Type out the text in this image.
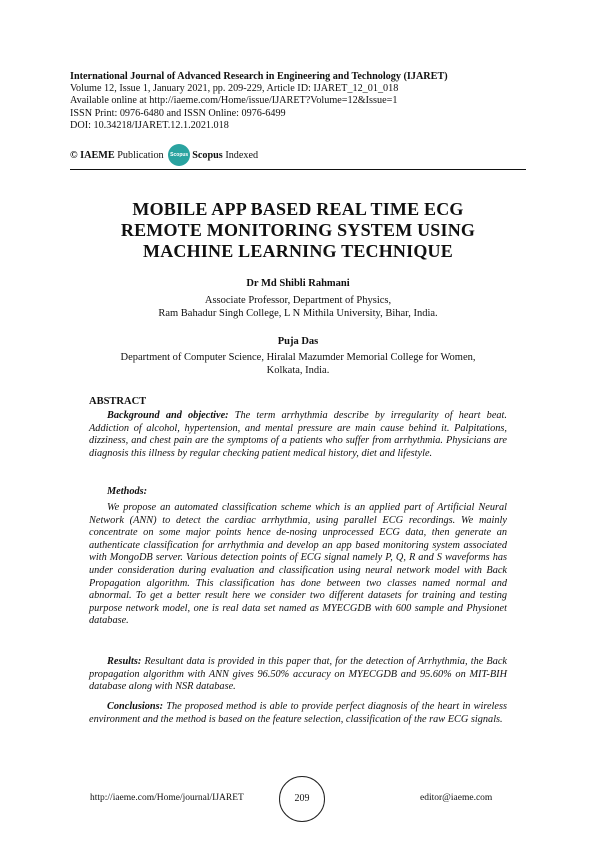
International Journal of Advanced Research in Engineering and Technology (IJARET)
Volume 12, Issue 1, January 2021, pp. 209-229, Article ID: IJARET_12_01_018
Available online at http://iaeme.com/Home/issue/IJARET?Volume=12&Issue=1
ISSN Print: 0976-6480 and ISSN Online: 0976-6499
DOI: 10.34218/IJARET.12.1.2021.018
© IAEME Publication Scopus Scopus Indexed
MOBILE APP BASED REAL TIME ECG
REMOTE MONITORING SYSTEM USING
MACHINE LEARNING TECHNIQUE
Dr Md Shibli Rahmani
Associate Professor, Department of Physics,
Ram Bahadur Singh College, L N Mithila University, Bihar, India.
Puja Das
Department of Computer Science, Hiralal Mazumder Memorial College for Women,
Kolkata, India.
ABSTRACT
Background and objective: The term arrhythmia describe by irregularity of heart beat. Addiction of alcohol, hypertension, and mental pressure are main cause behind it. Palpitations, dizziness, and chest pain are the symptoms of a patients who suffer from arrhythmia. Physicians are diagnosis this illness by regular checking patient medical history, diet and lifestyle.
Methods:
We propose an automated classification scheme which is an applied part of Artificial Neural Network (ANN) to detect the cardiac arrhythmia, using parallel ECG recordings. We mainly concentrate on some major points hence de-nosing unprocessed ECG data, then generate an authenticate classification for arrhythmia and develop an app based monitoring system associated with MongoDB server. Various detection points of ECG signal namely P, Q, R and S waveforms has under consideration during evaluation and classification using neural network model with Back Propagation algorithm. This classification has done between two classes named normal and abnormal. To get a better result here we consider two different datasets for training and testing purpose network model, one is real data set named as MYECGDB with 600 sample and Physionet database.
Results: Resultant data is provided in this paper that, for the detection of Arrhythmia, the Back propagation algorithm with ANN gives 96.50% accuracy on MYECGDB and 95.60% on MIT-BIH database along with NSR database.
Conclusions: The proposed method is able to provide perfect diagnosis of the heart in wireless environment and the method is based on the feature selection, classification of the raw ECG signals.
http://iaeme.com/Home/journal/IJARET	209	editor@iaeme.com
